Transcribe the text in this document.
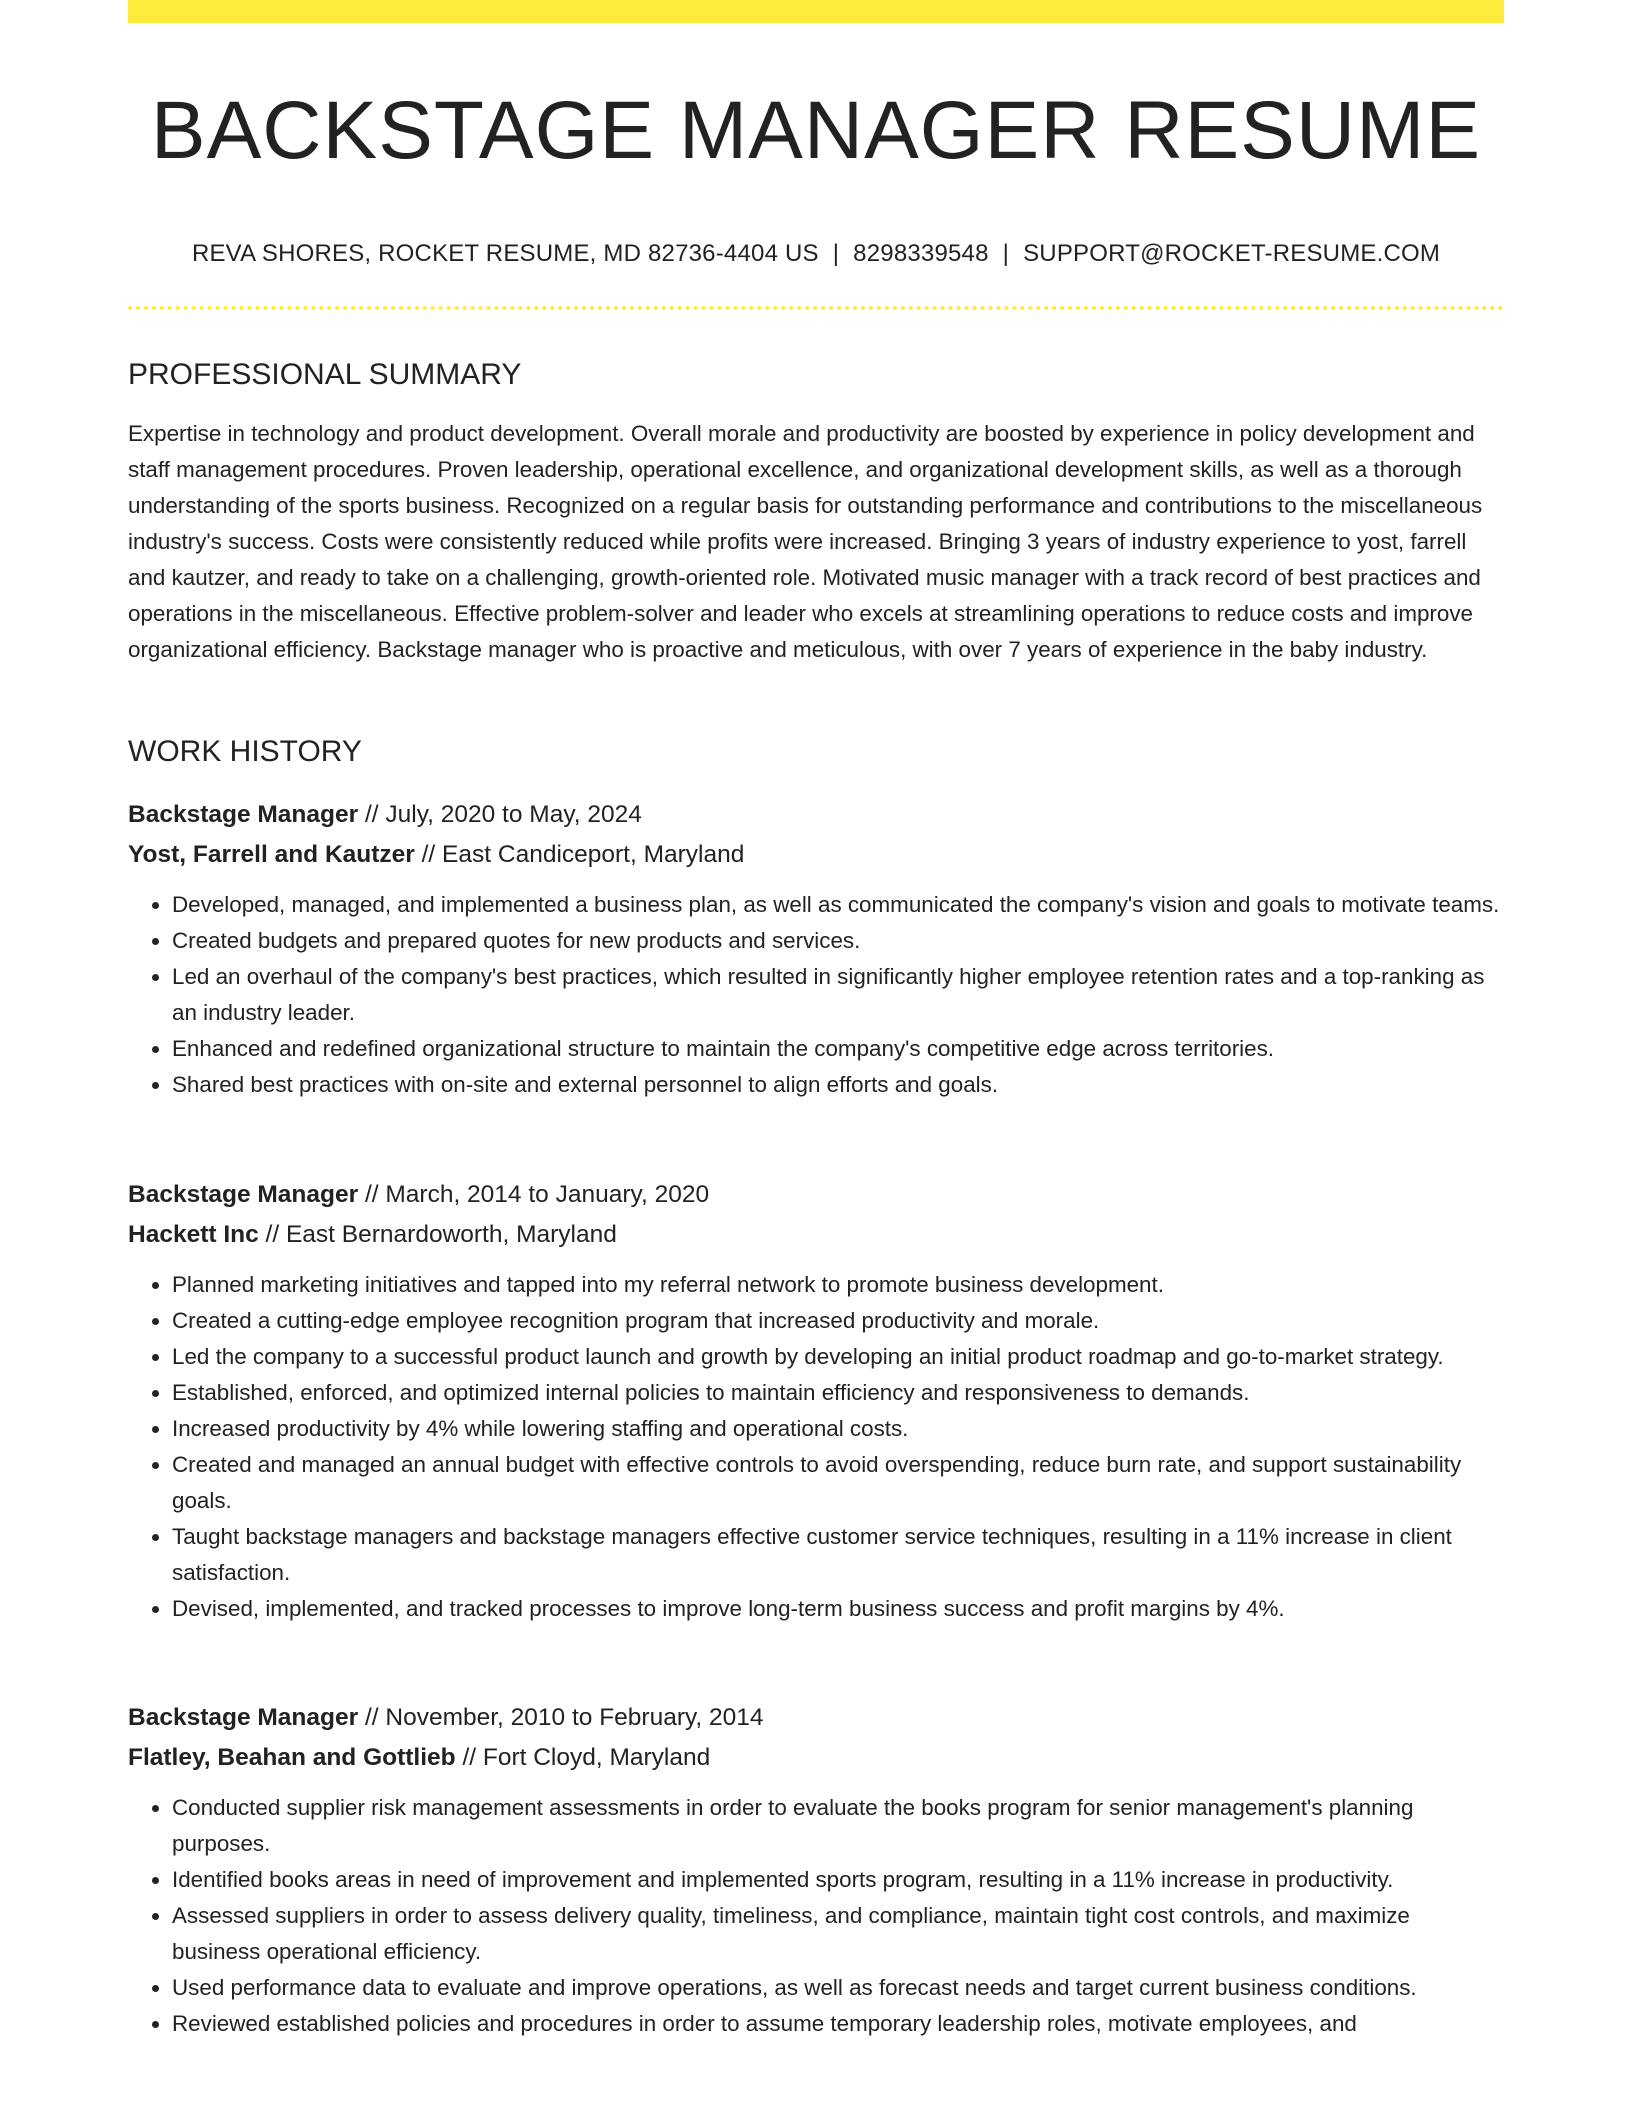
BACKSTAGE MANAGER RESUME
REVA SHORES, ROCKET RESUME, MD 82736-4404 US | 8298339548 | SUPPORT@ROCKET-RESUME.COM
PROFESSIONAL SUMMARY

Expertise in technology and product development. Overall morale and productivity are boosted by experience in policy development and staff management procedures. Proven leadership, operational excellence, and organizational development skills, as well as a thorough understanding of the sports business. Recognized on a regular basis for outstanding performance and contributions to the miscellaneous industry's success. Costs were consistently reduced while profits were increased. Bringing 3 years of industry experience to yost, farrell and kautzer, and ready to take on a challenging, growth-oriented role. Motivated music manager with a track record of best practices and operations in the miscellaneous. Effective problem-solver and leader who excels at streamlining operations to reduce costs and improve organizational efficiency. Backstage manager who is proactive and meticulous, with over 7 years of experience in the baby industry.

WORK HISTORY

Backstage Manager // July, 2020 to May, 2024

Yost, Farrell and Kautzer // East Candiceport, Maryland

• Developed, managed, and implemented a business plan, as well as communicated the company's vision and goals to motivate teams.
• Created budgets and prepared quotes for new products and services.
• Led an overhaul of the company's best practices, which resulted in significantly higher employee retention rates and a top-ranking as an industry leader.
• Enhanced and redefined organizational structure to maintain the company's competitive edge across territories.
• Shared best practices with on-site and external personnel to align efforts and goals.

Backstage Manager // March, 2014 to January, 2020

Hackett Inc // East Bernardoworth, Maryland

• Planned marketing initiatives and tapped into my referral network to promote business development.
• Created a cutting-edge employee recognition program that increased productivity and morale.
• Led the company to a successful product launch and growth by developing an initial product roadmap and go-to-market strategy.
• Established, enforced, and optimized internal policies to maintain efficiency and responsiveness to demands.
• Increased productivity by 4% while lowering staffing and operational costs.
• Created and managed an annual budget with effective controls to avoid overspending, reduce burn rate, and support sustainability goals.
• Taught backstage managers and backstage managers effective customer service techniques, resulting in a 11% increase in client satisfaction.
• Devised, implemented, and tracked processes to improve long-term business success and profit margins by 4%.

Backstage Manager // November, 2010 to February, 2014

Flatley, Beahan and Gottlieb // Fort Cloyd, Maryland

• Conducted supplier risk management assessments in order to evaluate the books program for senior management's planning purposes.
• Identified books areas in need of improvement and implemented sports program, resulting in a 11% increase in productivity.
• Assessed suppliers in order to assess delivery quality, timeliness, and compliance, maintain tight cost controls, and maximize business operational efficiency.
• Used performance data to evaluate and improve operations, as well as forecast needs and target current business conditions.
• Reviewed established policies and procedures in order to assume temporary leadership roles, motivate employees, and
